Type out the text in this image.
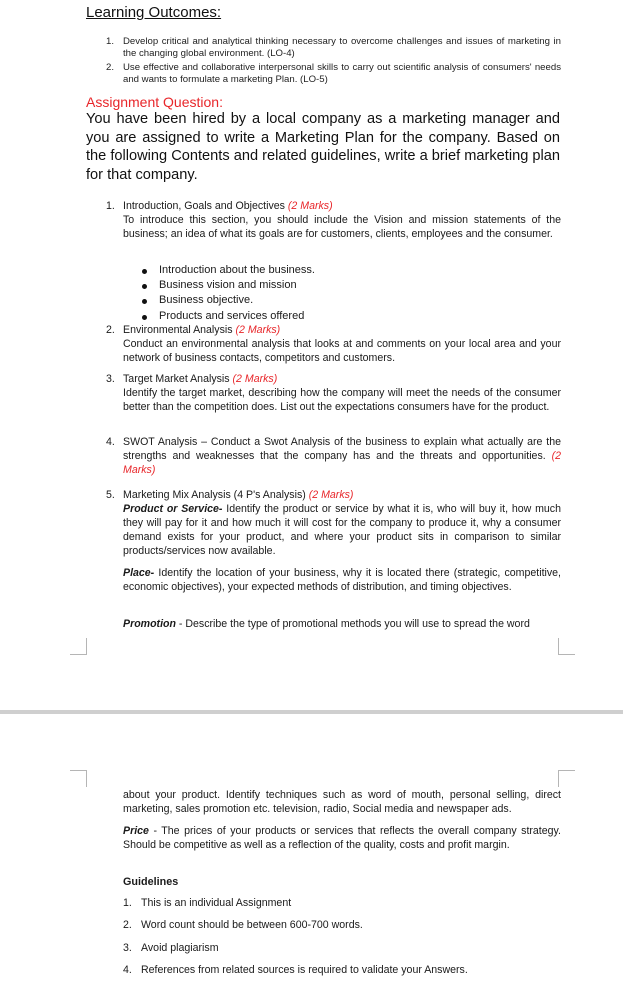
Learning Outcomes:
1. Develop critical and analytical thinking necessary to overcome challenges and issues of marketing in the changing global environment. (LO-4)
2. Use effective and collaborative interpersonal skills to carry out scientific analysis of consumers' needs and wants to formulate a marketing Plan. (LO-5)
Assignment Question:
You have been hired by a local company as a marketing manager and you are assigned to write a Marketing Plan for the company. Based on the following Contents and related guidelines, write a brief marketing plan for that company.
1. Introduction, Goals and Objectives (2 Marks)
To introduce this section, you should include the Vision and mission statements of the business; an idea of what its goals are for customers, clients, employees and the consumer.
Introduction about the business.
Business vision and mission
Business objective.
Products and services offered
2. Environmental Analysis (2 Marks)
Conduct an environmental analysis that looks at and comments on your local area and your network of business contacts, competitors and customers.
3. Target Market Analysis (2 Marks)
Identify the target market, describing how the company will meet the needs of the consumer better than the competition does. List out the expectations consumers have for the product.
4. SWOT Analysis – Conduct a Swot Analysis of the business to explain what actually are the strengths and weaknesses that the company has and the threats and opportunities. (2 Marks)
5. Marketing Mix Analysis (4 P's Analysis) (2 Marks)
Product or Service- Identify the product or service by what it is, who will buy it, how much they will pay for it and how much it will cost for the company to produce it, why a consumer demand exists for your product, and where your product sits in comparison to similar products/services now available.
Place- Identify the location of your business, why it is located there (strategic, competitive, economic objectives), your expected methods of distribution, and timing objectives.
Promotion - Describe the type of promotional methods you will use to spread the word
about your product. Identify techniques such as word of mouth, personal selling, direct marketing, sales promotion etc. television, radio, Social media and newspaper ads.
Price - The prices of your products or services that reflects the overall company strategy. Should be competitive as well as a reflection of the quality, costs and profit margin.
Guidelines
1. This is an individual Assignment
2. Word count should be between 600-700 words.
3. Avoid plagiarism
4. References from related sources is required to validate your Answers.
